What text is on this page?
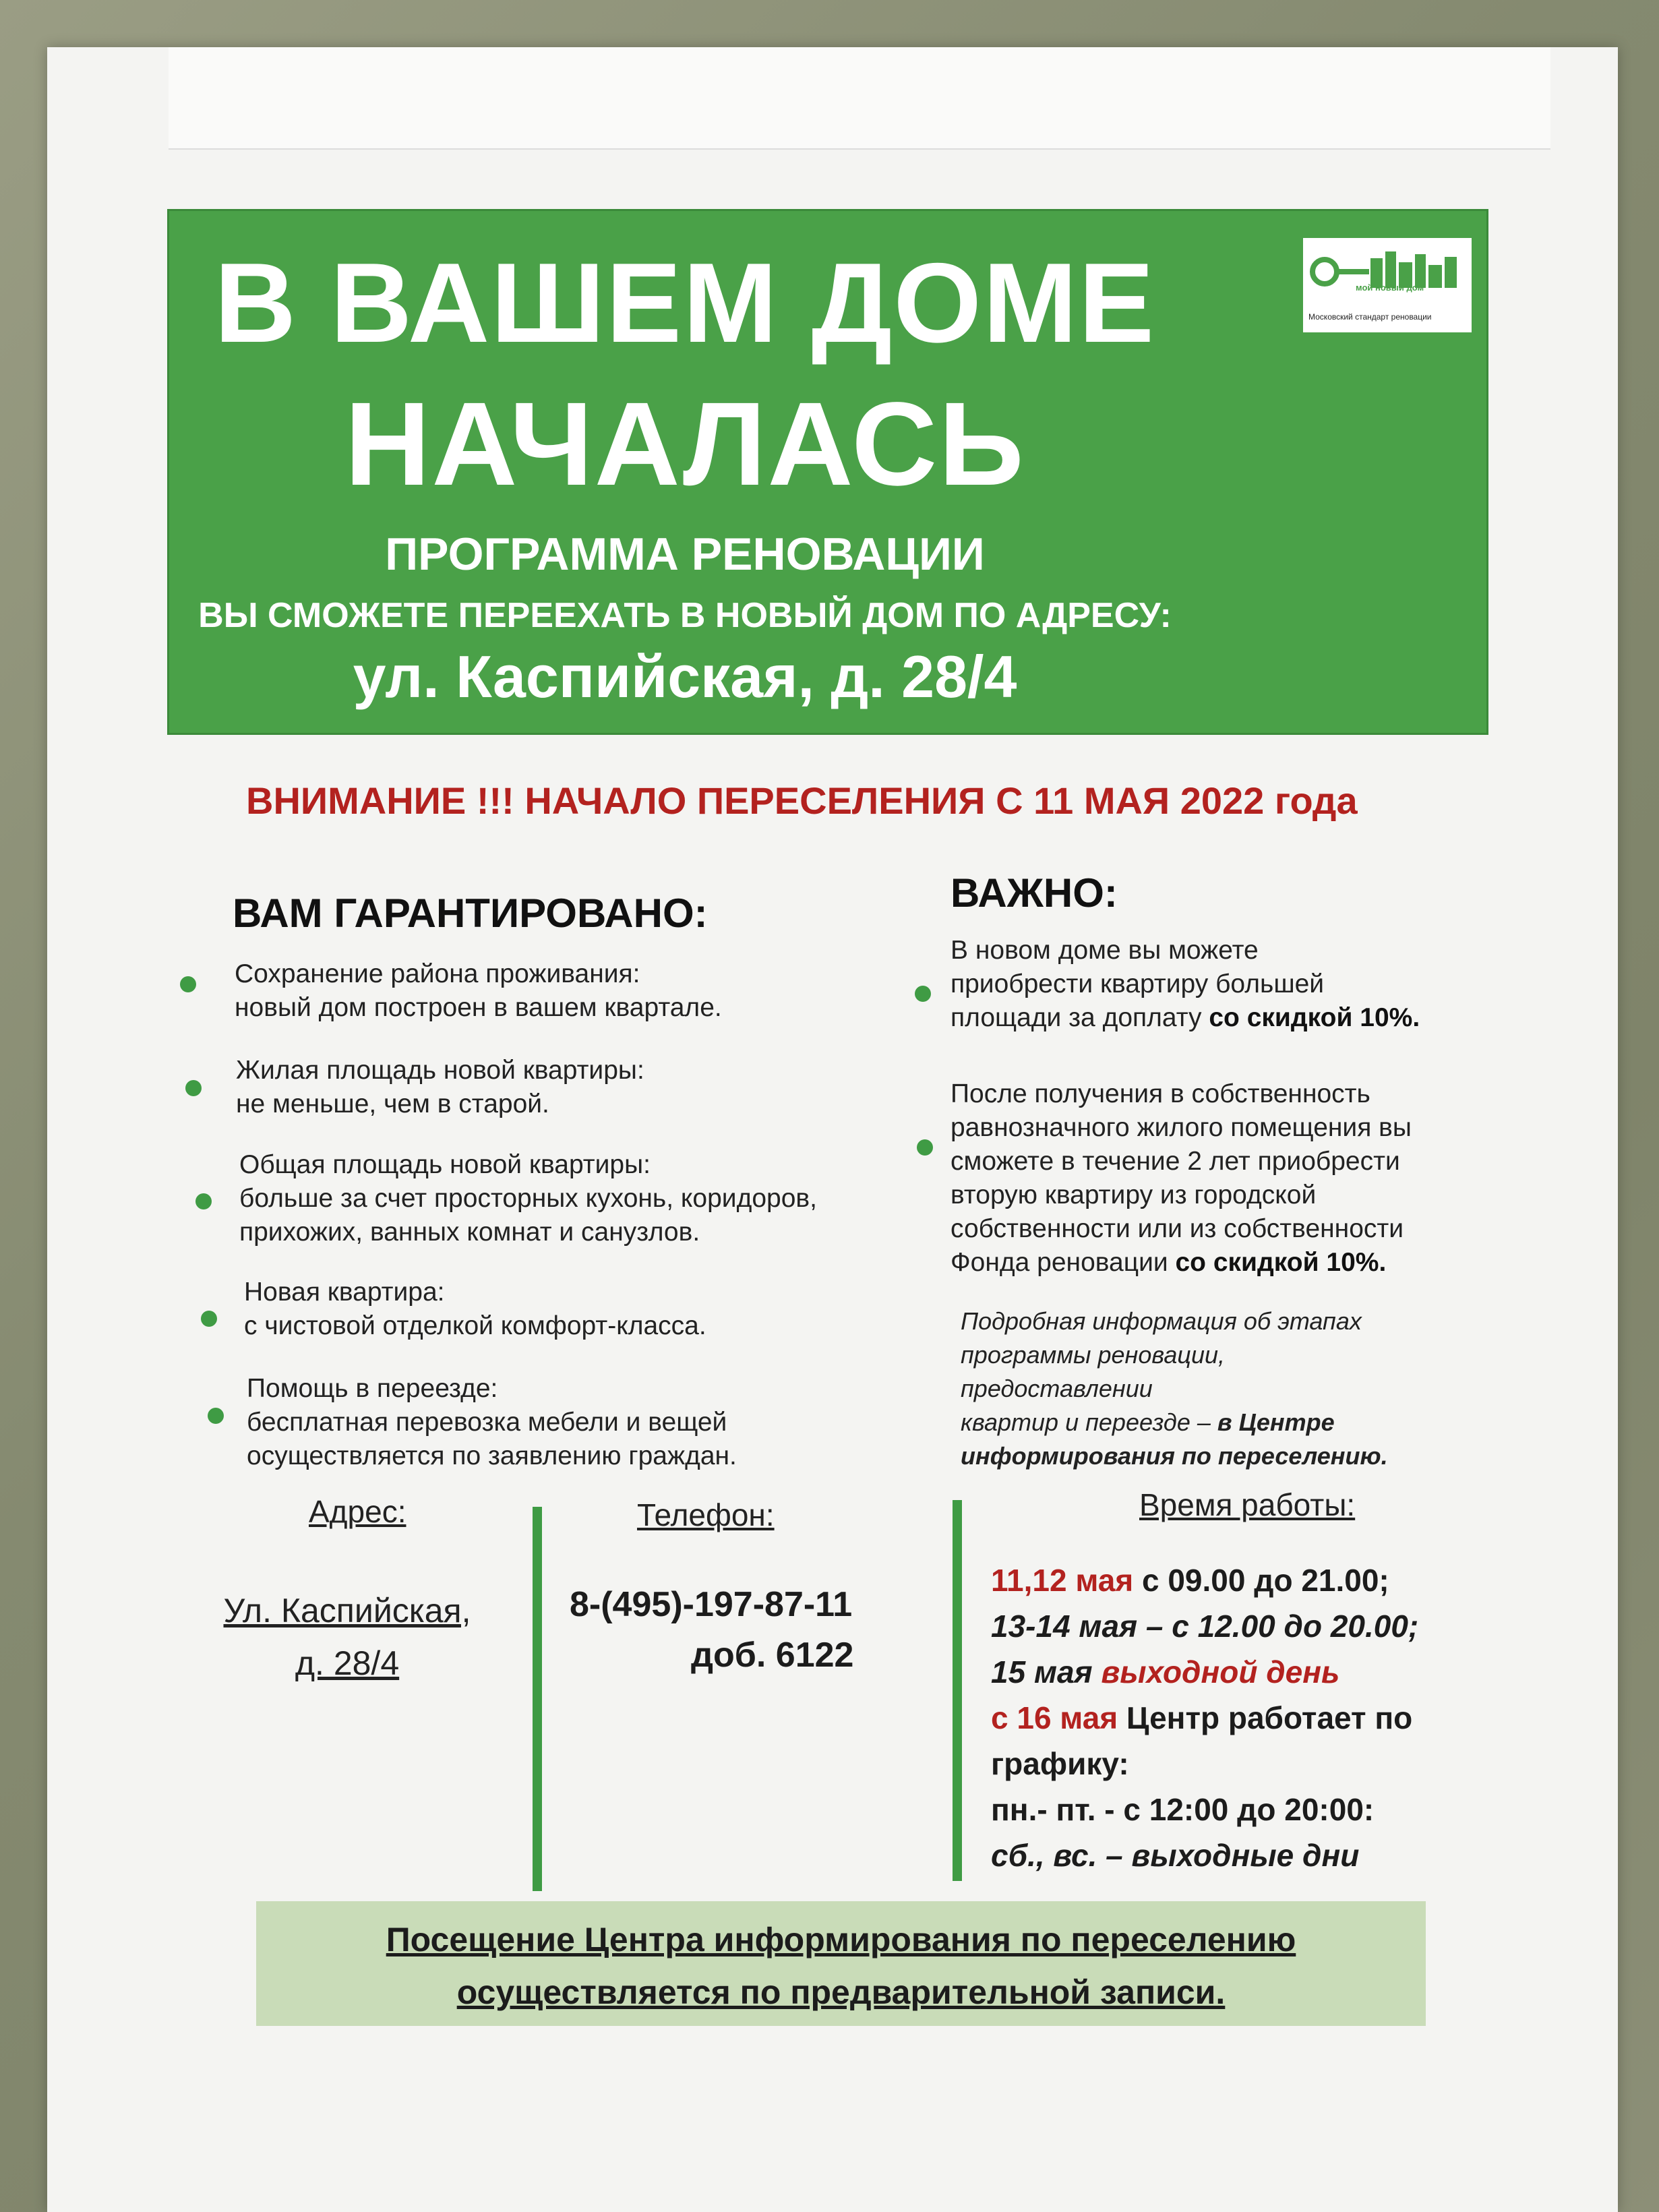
В ВАШЕМ ДОМЕ
НАЧАЛАСЬ
ПРОГРАММА РЕНОВАЦИИ
ВЫ СМОЖЕТЕ ПЕРЕЕХАТЬ В НОВЫЙ ДОМ ПО АДРЕСУ:
ул. Каспийская, д. 28/4
мой новый дом
Московский стандарт реновации
ВНИМАНИЕ !!! НАЧАЛО ПЕРЕСЕЛЕНИЯ С 11 МАЯ 2022 года
ВАМ ГАРАНТИРОВАНО:	ВАЖНО:
Сохранение района проживания:
новый дом построен в вашем квартале.
Жилая площадь новой квартиры:
не меньше, чем в старой.
Общая площадь новой квартиры:
больше за счет просторных кухонь, коридоров,
прихожих, ванных комнат и санузлов.
Новая квартира:
с чистовой отделкой комфорт-класса.
Помощь в переезде:
бесплатная перевозка мебели и вещей
осуществляется по заявлению граждан.
В новом доме вы можете
приобрести квартиру большей
площади за доплату со скидкой 10%.
После получения в собственность
равнозначного жилого помещения вы
сможете в течение 2 лет приобрести
вторую квартиру из городской
собственности или из собственности
Фонда реновации со скидкой 10%.
Подробная информация об этапах
программы реновации,
предоставлении
квартир и переезде – в Центре
информирования по переселению.
Адрес:	Телефон:	Время работы:
Ул. Каспийская,
д. 28/4
8-(495)-197-87-11
доб. 6122
11,12 мая с 09.00 до 21.00;
13-14 мая – с 12.00 до 20.00;
15 мая выходной день
с 16 мая Центр работает по
графику:
пн.- пт. - с 12:00 до 20:00:
сб., вс. – выходные дни
Посещение Центра информирования по переселению
осуществляется по предварительной записи.
